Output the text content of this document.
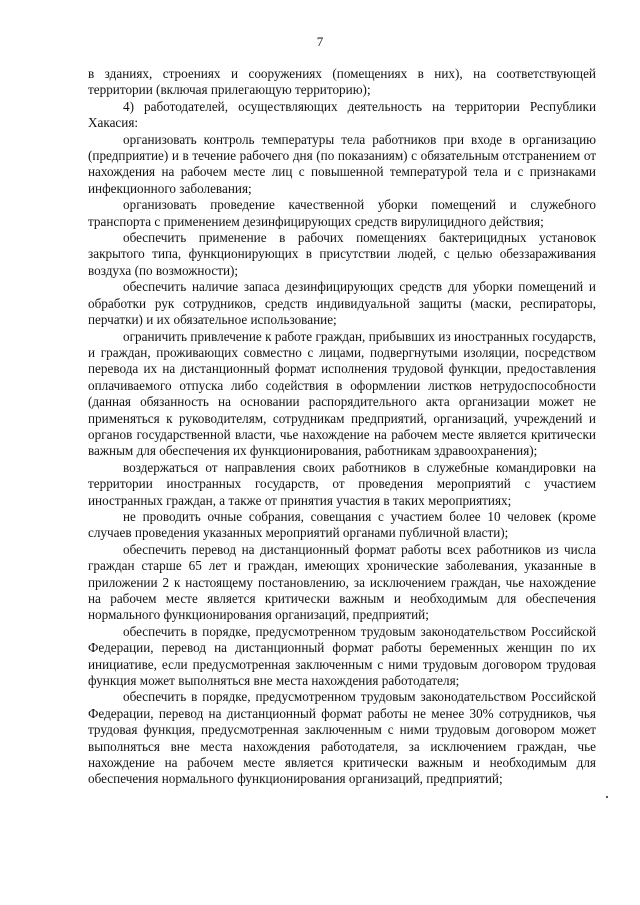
7

в зданиях, строениях и сооружениях (помещениях в них), на соответствующей территории (включая прилегающую территорию);

4) работодателей, осуществляющих деятельность на территории Республики Хакасия:

организовать контроль температуры тела работников при входе в организацию (предприятие) и в течение рабочего дня (по показаниям) с обязательным отстранением от нахождения на рабочем месте лиц с повышенной температурой тела и с признаками инфекционного заболевания;

организовать проведение качественной уборки помещений и служебного транспорта с применением дезинфицирующих средств вирулицидного действия;

обеспечить применение в рабочих помещениях бактерицидных установок закрытого типа, функционирующих в присутствии людей, с целью обеззараживания воздуха (по возможности);

обеспечить наличие запаса дезинфицирующих средств для уборки помещений и обработки рук сотрудников, средств индивидуальной защиты (маски, респираторы, перчатки) и их обязательное использование;

ограничить привлечение к работе граждан, прибывших из иностранных государств, и граждан, проживающих совместно с лицами, подвергнутыми изоляции, посредством перевода их на дистанционный формат исполнения трудовой функции, предоставления оплачиваемого отпуска либо содействия в оформлении листков нетрудоспособности (данная обязанность на основании распорядительного акта организации может не применяться к руководителям, сотрудникам предприятий, организаций, учреждений и органов государственной власти, чье нахождение на рабочем месте является критически важным для обеспечения их функционирования, работникам здравоохранения);

воздержаться от направления своих работников в служебные командировки на территории иностранных государств, от проведения мероприятий с участием иностранных граждан, а также от принятия участия в таких мероприятиях;

не проводить очные собрания, совещания с участием более 10 человек (кроме случаев проведения указанных мероприятий органами публичной власти);

обеспечить перевод на дистанционный формат работы всех работников из числа граждан старше 65 лет и граждан, имеющих хронические заболевания, указанные в приложении 2 к настоящему постановлению, за исключением граждан, чье нахождение на рабочем месте является критически важным и необходимым для обеспечения нормального функционирования организаций, предприятий;

обеспечить в порядке, предусмотренном трудовым законодательством Российской Федерации, перевод на дистанционный формат работы беременных женщин по их инициативе, если предусмотренная заключенным с ними трудовым договором трудовая функция может выполняться вне места нахождения работодателя;

обеспечить в порядке, предусмотренном трудовым законодательством Российской Федерации, перевод на дистанционный формат работы не менее 30% сотрудников, чья трудовая функция, предусмотренная заключенным с ними трудовым договором может выполняться вне места нахождения работодателя, за исключением граждан, чье нахождение на рабочем месте является критически важным и необходимым для обеспечения нормального функционирования организаций, предприятий;
